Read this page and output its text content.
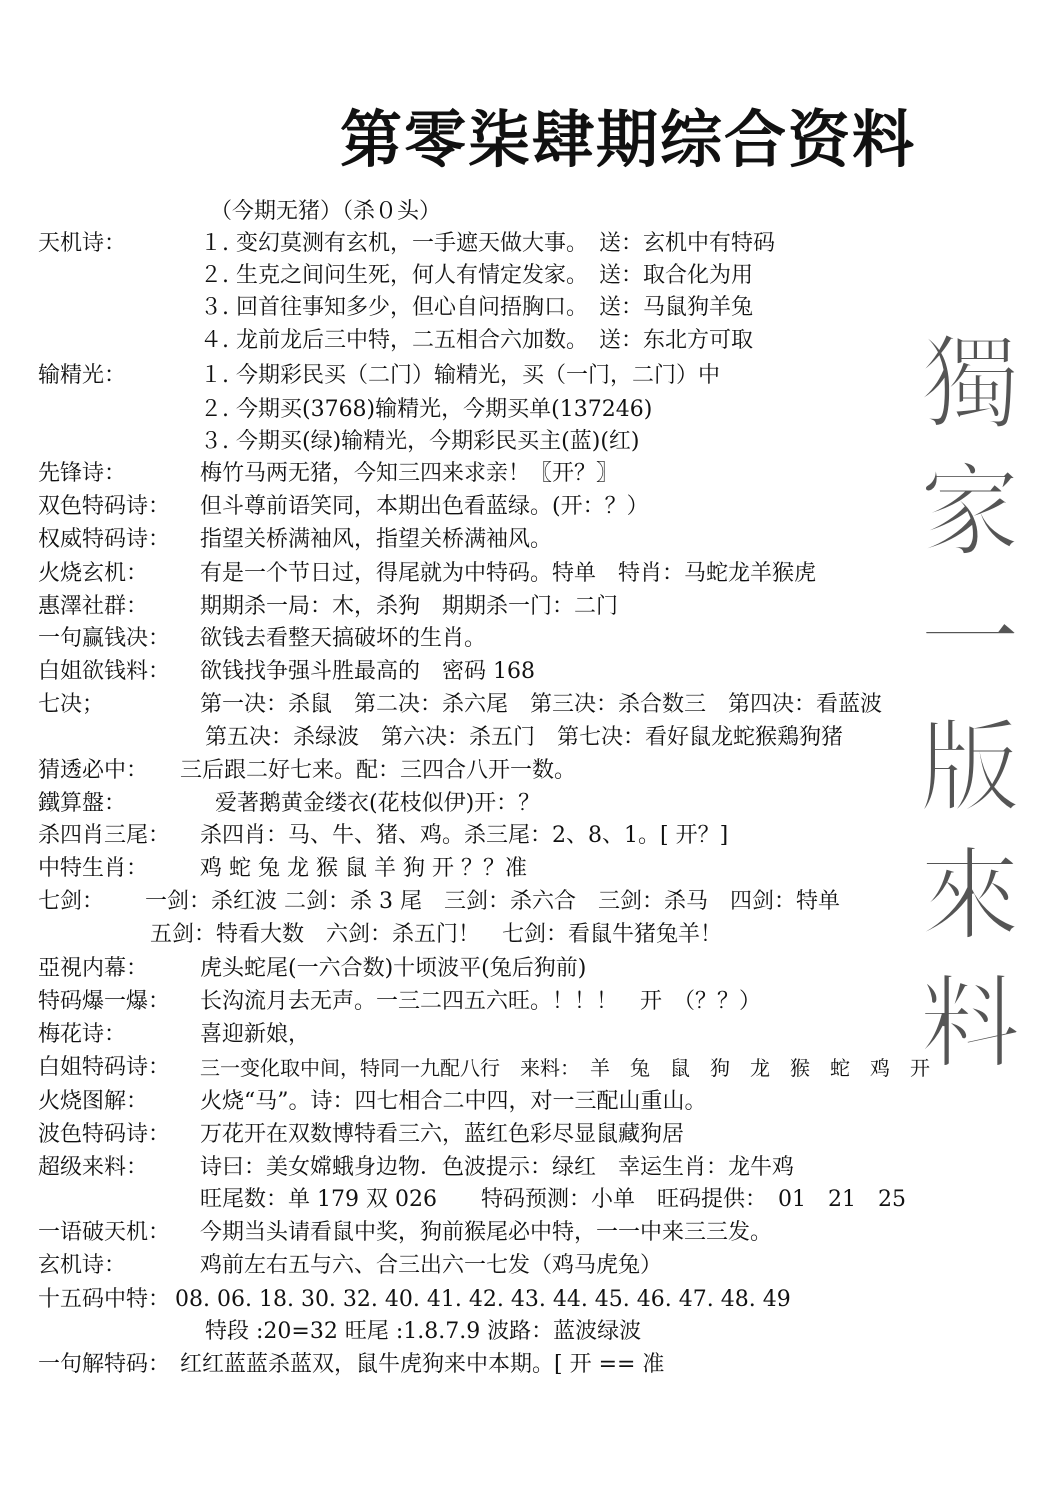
第零柒肆期综合资料
獨
家
一
版
來
料
（今期无猪）（杀０头）
天机诗：	１. 变幻莫测有玄机，一手遮天做大事。　送：玄机中有特码
２. 生克之间问生死，何人有情定发家。　送：取合化为用
３. 回首往事知多少，但心自问捂胸口。　送：马鼠狗羊兔
４. 龙前龙后三中特，二五相合六加数。　送：东北方可取
输精光：	１. 今期彩民买（二门）输精光，买（一门，二门）中
２. 今期买(3768)输精光，今期买单(137246)
３. 今期买(绿)输精光，今期彩民买主(蓝)(红)
先锋诗：	梅竹马两无猪，今知三四来求亲！〖开？〗
双色特码诗： 但斗尊前语笑同，本期出色看蓝绿。(开：？）
权威特码诗： 指望关桥满袖风，指望关桥满袖风。
火烧玄机： 有是一个节日过，得尾就为中特码。特单　特肖：马蛇龙羊猴虎
惠澤社群： 期期杀一局：木，杀狗　期期杀一门：二门
一句赢钱决： 欲钱去看整天搞破坏的生肖。
白姐欲钱料： 欲钱找争强斗胜最高的　密码 168
七决；	第一决：杀鼠　第二决：杀六尾　第三决：杀合数三　第四决：看蓝波
第五决：杀绿波　第六决：杀五门　第七决：看好鼠龙蛇猴鶏狗猪
猜透必中： 三后跟二好七来。配：三四合八开一数。
鐵算盤：	爱著鹅黄金缕衣(花枝似伊)开：？
杀四肖三尾： 杀四肖：马、牛、猪、鸡。杀三尾：2、8、1。[ 开？]
中特生肖： 鸡 蛇 兔 龙 猴 鼠 羊 狗 开 ？？准
七剑： 一剑：杀红波 二剑：杀 3 尾　三剑：杀六合　三剑：杀马　四剑：特单
五剑：特看大数　六剑：杀五门！　七剑：看鼠牛猪兔羊！
亞視内幕： 虎头蛇尾(一六合数)十顷波平(兔后狗前)
特码爆一爆： 长沟流月去无声。一三二四五六旺。！！！　开　（？？）
梅花诗：	喜迎新娘，
白姐特码诗： 三一变化取中间，特同一九配八行　来料：　羊　兔　鼠　狗　龙　猴　蛇　鸡　开
火烧图解： 火烧“马”。诗：四七相合二中四，对一三配山重山。
波色特码诗： 万花开在双数博特看三六，蓝红色彩尽显鼠藏狗居
超级来料： 诗曰：美女嫦蛾身边物．色波提示：绿红　幸运生肖：龙牛鸡
旺尾数：单 179 双 026　　特码预测：小单　旺码提供：　01　21　25
一语破天机： 今期当头请看鼠中奖，狗前猴尾必中特，一一中来三三发。
玄机诗：	鸡前左右五与六、合三出六一七发（鸡马虎兔）
十五码中特： 08. 06. 18. 30. 32. 40. 41. 42. 43. 44. 45. 46. 47. 48. 49
特段 :20=32 旺尾 :1.8.7.9 波路：蓝波绿波
一句解特码： 红红蓝蓝杀蓝双，鼠牛虎狗来中本期。[ 开 == 准
